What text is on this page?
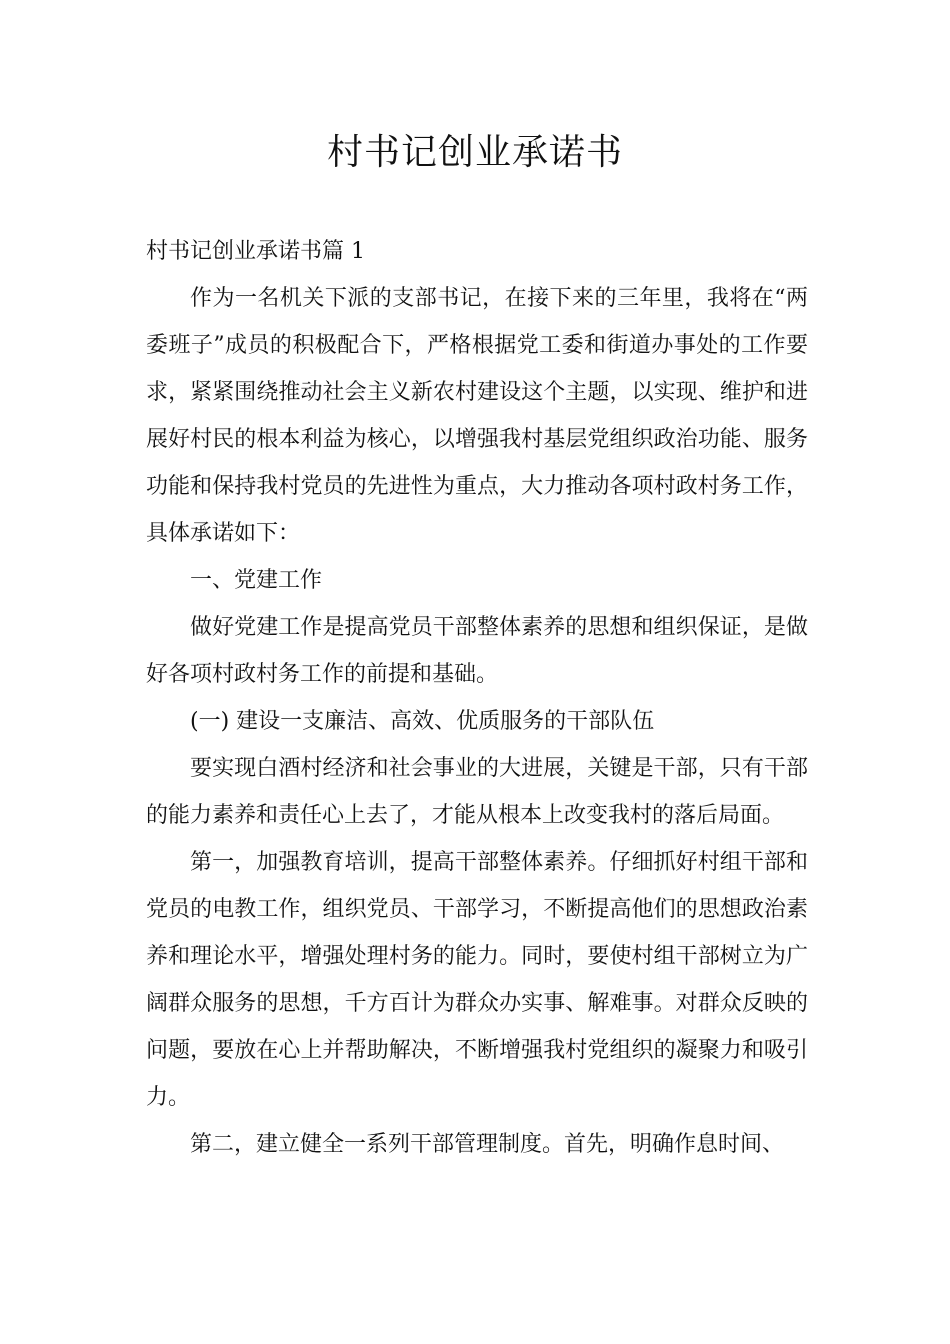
村书记创业承诺书

村书记创业承诺书篇 1

作为一名机关下派的支部书记，在接下来的三年里，我将在“两委班子”成员的积极配合下，严格根据党工委和街道办事处的工作要求，紧紧围绕推动社会主义新农村建设这个主题，以实现、维护和进展好村民的根本利益为核心，以增强我村基层党组织政治功能、服务功能和保持我村党员的先进性为重点，大力推动各项村政村务工作，具体承诺如下：

一、党建工作

做好党建工作是提高党员干部整体素养的思想和组织保证，是做好各项村政村务工作的前提和基础。

(一) 建设一支廉洁、高效、优质服务的干部队伍

要实现白酒村经济和社会事业的大进展，关键是干部，只有干部的能力素养和责任心上去了，才能从根本上改变我村的落后局面。

第一，加强教育培训，提高干部整体素养。仔细抓好村组干部和党员的电教工作，组织党员、干部学习，不断提高他们的思想政治素养和理论水平，增强处理村务的能力。同时，要使村组干部树立为广阔群众服务的思想，千方百计为群众办实事、解难事。对群众反映的问题，要放在心上并帮助解决，不断增强我村党组织的凝聚力和吸引力。

第二，建立健全一系列干部管理制度。首先，明确作息时间、
